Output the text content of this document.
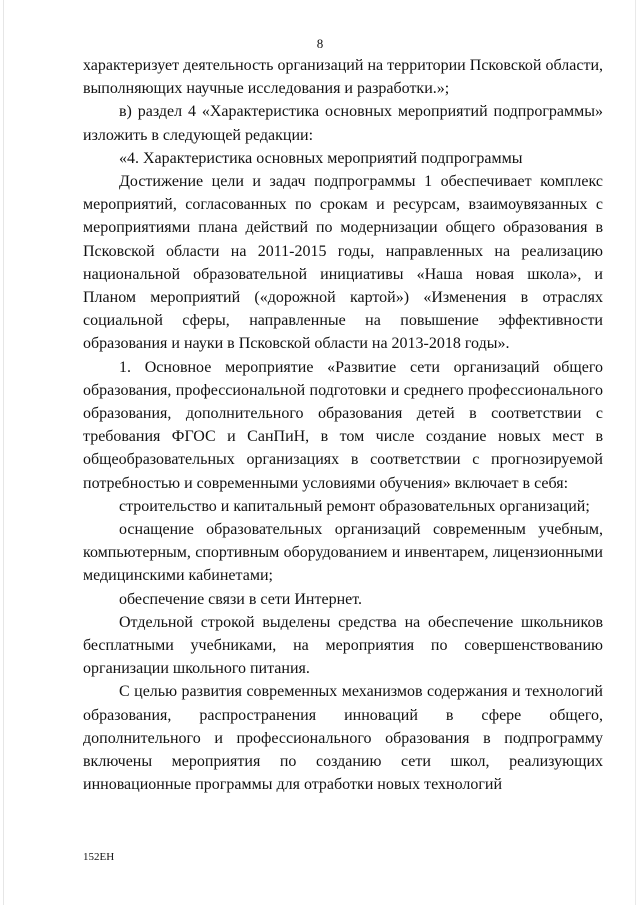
8

характеризует деятельность организаций на территории Псковской области, выполняющих научные исследования и разработки.»;

в) раздел 4 «Характеристика основных мероприятий подпрограммы» изложить в следующей редакции:

«4. Характеристика основных мероприятий подпрограммы

Достижение цели и задач подпрограммы 1 обеспечивает комплекс мероприятий, согласованных по срокам и ресурсам, взаимоувязанных с мероприятиями плана действий по модернизации общего образования в Псковской области на 2011-2015 годы, направленных на реализацию национальной образовательной инициативы «Наша новая школа», и Планом мероприятий («дорожной картой») «Изменения в отраслях социальной сферы, направленные на повышение эффективности образования и науки в Псковской области на 2013-2018 годы».

1. Основное мероприятие «Развитие сети организаций общего образования, профессиональной подготовки и среднего профессионального образования, дополнительного образования детей в соответствии с требования ФГОС и СанПиН, в том числе создание новых мест в общеобразовательных организациях в соответствии с прогнозируемой потребностью и современными условиями обучения» включает в себя:

строительство и капитальный ремонт образовательных организаций;

оснащение образовательных организаций современным учебным, компьютерным, спортивным оборудованием и инвентарем, лицензионными медицинскими кабинетами;

обеспечение связи в сети Интернет.

Отдельной строкой выделены средства на обеспечение школьников бесплатными учебниками, на мероприятия по совершенствованию организации школьного питания.

С целью развития современных механизмов содержания и технологий образования, распространения инноваций в сфере общего, дополнительного и профессионального образования в подпрограмму включены мероприятия по созданию сети школ, реализующих инновационные программы для отработки новых технологий

152ЕН
